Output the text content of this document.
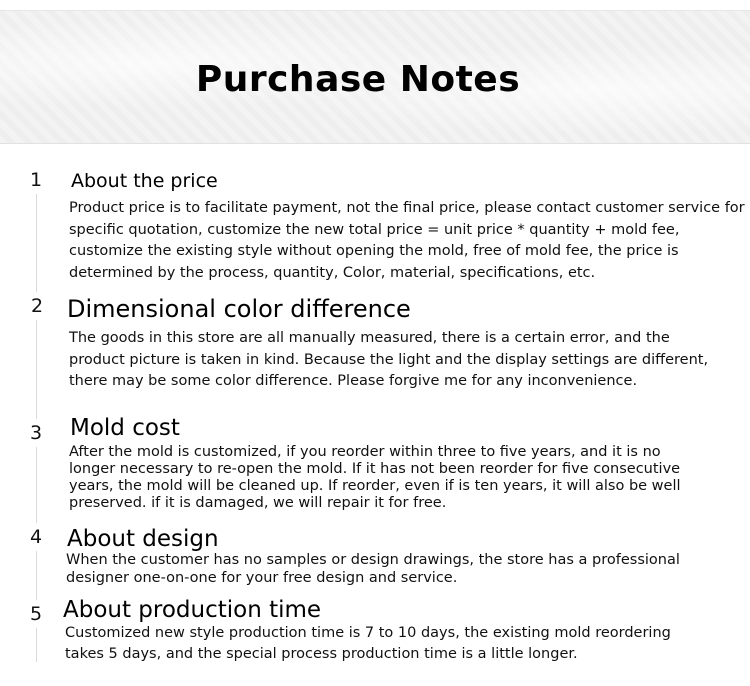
Purchase Notes
1	About the price
Product price is to facilitate payment, not the final price, please contact customer service for
specific quotation, customize the new total price = unit price * quantity + mold fee,
customize the existing style without opening the mold, free of mold fee, the price is
determined by the process, quantity, Color, material, specifications, etc.
2 Dimensional color difference
The goods in this store are all manually measured, there is a certain error, and the
product picture is taken in kind. Because the light and the display settings are different,
there may be some color difference. Please forgive me for any inconvenience.
3	Mold cost
After the mold is customized, if you reorder within three to five years, and it is no
longer necessary to re-open the mold. If it has not been reorder for five consecutive
years, the mold will be cleaned up. If reorder, even if is ten years, it will also be well
preserved. if it is damaged, we will repair it for free.
4	About design
When the customer has no samples or design drawings, the store has a professional
designer one-on-one for your free design and service.
5 About production time
Customized new style production time is 7 to 10 days, the existing mold reordering
takes 5 days, and the special process production time is a little longer.
